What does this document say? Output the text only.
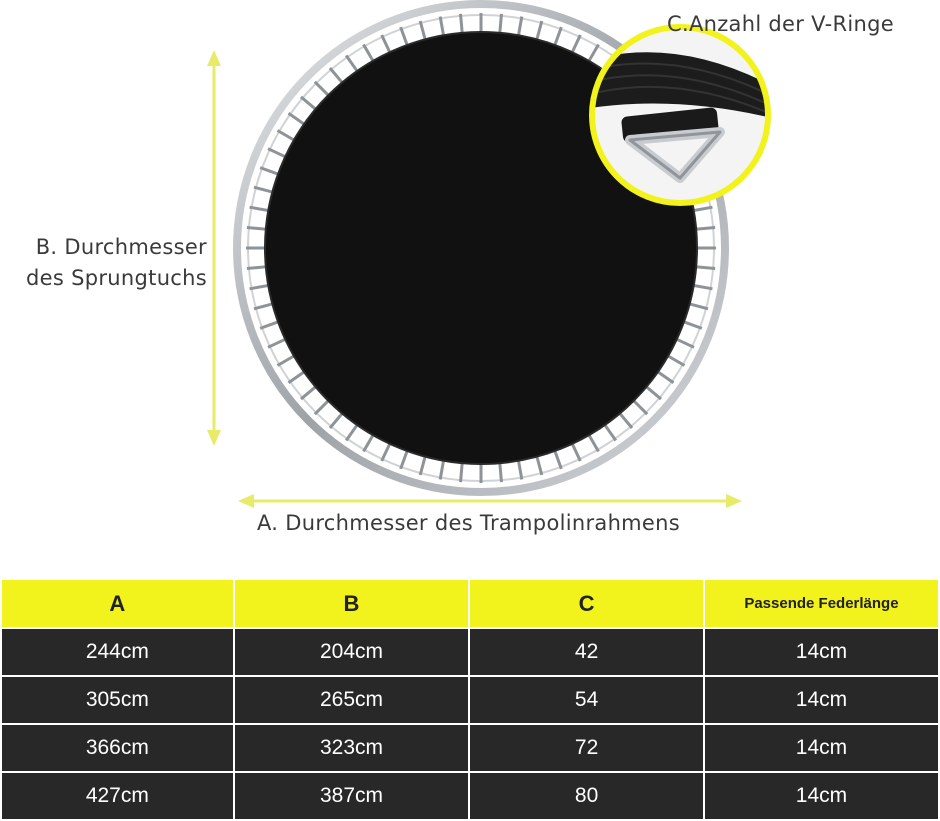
C.Anzahl der V-Ringe
B. Durchmesser
des Sprungtuchs
A. Durchmesser des Trampolinrahmens
A	B	C	Passende Federlänge
244cm	204cm	42	14cm
305cm	265cm	54	14cm
366cm	323cm	72	14cm
427cm	387cm	80	14cm
